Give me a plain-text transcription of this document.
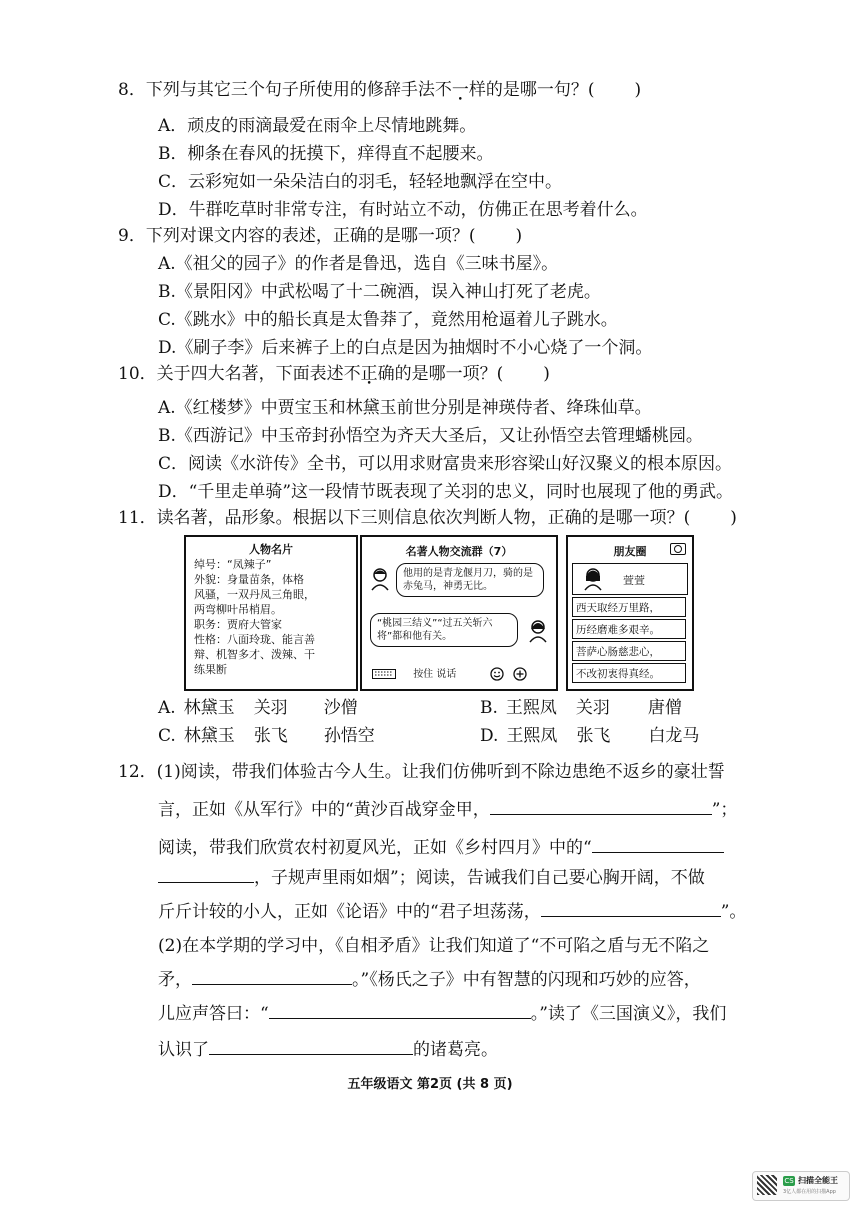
8．下列与其它三个句子所使用的修辞手法不一样的是哪一句？( )
A．顽皮的雨滴最爱在雨伞上尽情地跳舞。
B．柳条在春风的抚摸下，痒得直不起腰来。
C．云彩宛如一朵朵洁白的羽毛，轻轻地飘浮在空中。
D．牛群吃草时非常专注，有时站立不动，仿佛正在思考着什么。
9．下列对课文内容的表述，正确的是哪一项？( )
A.《祖父的园子》的作者是鲁迅，选自《三味书屋》。
B.《景阳冈》中武松喝了十二碗酒，误入神山打死了老虎。
C.《跳水》中的船长真是太鲁莽了，竟然用枪逼着儿子跳水。
D.《刷子李》后来裤子上的白点是因为抽烟时不小心烧了一个洞。
10．关于四大名著，下面表述不正确的是哪一项？( )
A.《红楼梦》中贾宝玉和林黛玉前世分别是神瑛侍者、绛珠仙草。
B.《西游记》中玉帝封孙悟空为齐天大圣后，又让孙悟空去管理蟠桃园。
C．阅读《水浒传》全书，可以用求财富贵来形容梁山好汉聚义的根本原因。
D．“千里走单骑”这一段情节既表现了关羽的忠义，同时也展现了他的勇武。
11．读名著，品形象。根据以下三则信息依次判断人物，正确的是哪一项？( )
人物名片
绰号：“凤辣子”
外貌：身量苗条，体格
风骚，一双丹凤三角眼，
两弯柳叶吊梢眉。
职务：贾府大管家
性格：八面玲珑、能言善
辩、机智多才、泼辣、干
练果断
名著人物交流群（7）
他用的是青龙偃月刀，骑的是赤兔马，神勇无比。
“桃园三结义”“过五关斩六将”都和他有关。
按住 说话
朋友圈
萱萱
西天取经万里路，
历经磨难多艰辛。
菩萨心肠慈悲心，
不改初衷得真经。
A. 林黛玉 关羽 沙僧	B. 王熙凤 关羽 唐僧
C. 林黛玉 张飞 孙悟空	D. 王熙凤 张飞 白龙马
12．(1)阅读，带我们体验古今人生。让我们仿佛听到不除边患绝不返乡的豪壮誓
言，正如《从军行》中的“黄沙百战穿金甲，	”；
阅读，带我们欣赏农村初夏风光，正如《乡村四月》中的“
，子规声里雨如烟”；阅读，告诫我们自己要心胸开阔，不做
斤斤计较的小人，正如《论语》中的“君子坦荡荡，	”。
(2)在本学期的学习中，《自相矛盾》让我们知道了“不可陷之盾与无不陷之
矛，	。”《杨氏之子》中有智慧的闪现和巧妙的应答，
儿应声答曰：“	。”读了《三国演义》，我们
认识了	的诸葛亮。
五年级语文 第2页 (共 8 页)
CS 扫描全能王
3亿人都在用的扫描App
